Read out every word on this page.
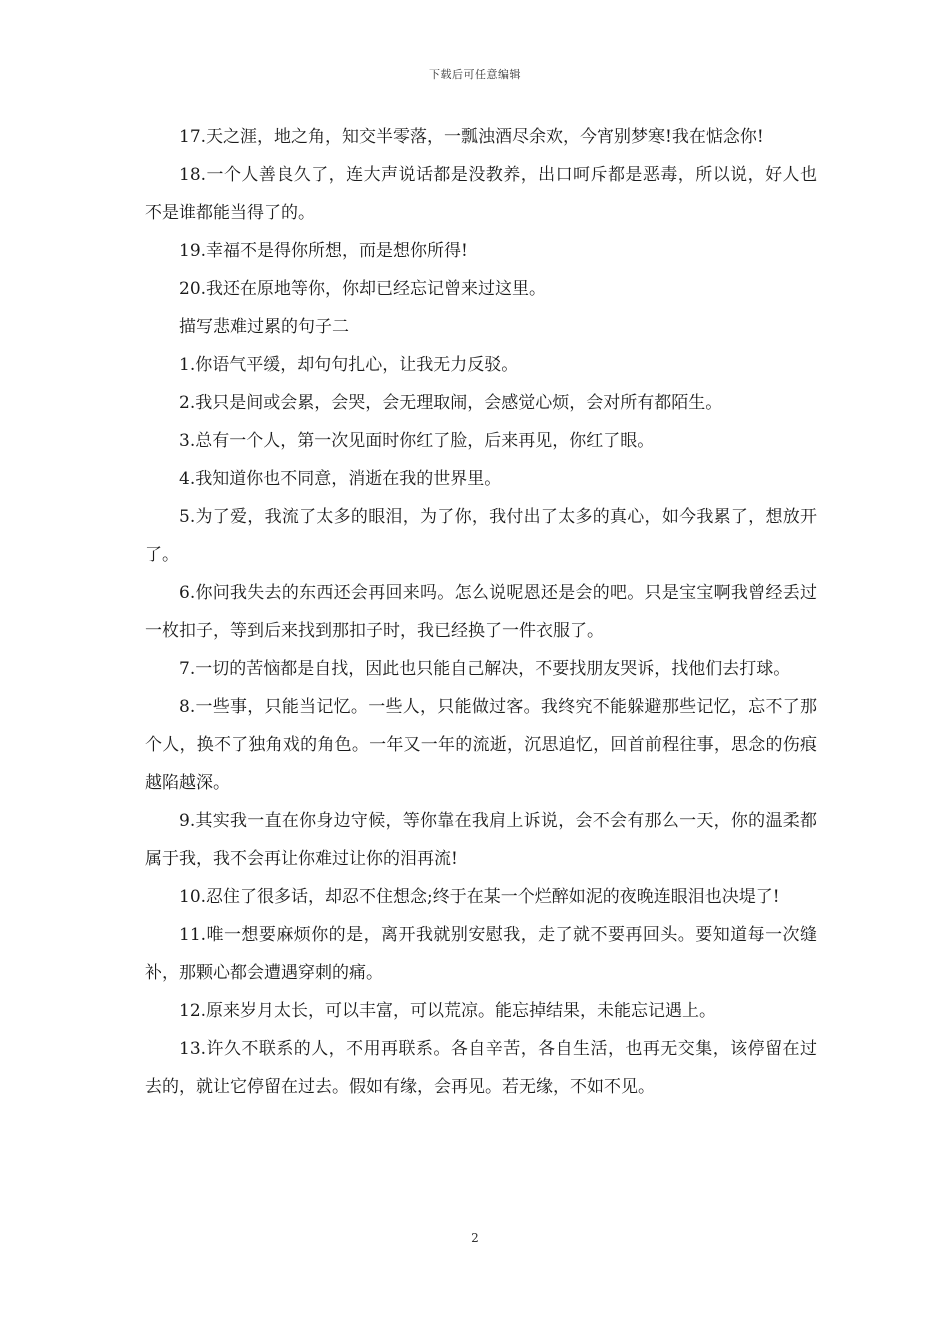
下载后可任意编辑

17.天之涯，地之角，知交半零落，一瓢浊酒尽余欢，今宵别梦寒!我在惦念你!

18.一个人善良久了，连大声说话都是没教养，出口呵斥都是恶毒，所以说，好人也不是谁都能当得了的。

19.幸福不是得你所想，而是想你所得!

20.我还在原地等你，你却已经忘记曾来过这里。

描写悲难过累的句子二

1.你语气平缓，却句句扎心，让我无力反驳。

2.我只是间或会累，会哭，会无理取闹，会感觉心烦，会对所有都陌生。

3.总有一个人，第一次见面时你红了脸，后来再见，你红了眼。

4.我知道你也不同意，消逝在我的世界里。

5.为了爱，我流了太多的眼泪，为了你，我付出了太多的真心，如今我累了，想放开了。

6.你问我失去的东西还会再回来吗。怎么说呢恩还是会的吧。只是宝宝啊我曾经丢过一枚扣子，等到后来找到那扣子时，我已经换了一件衣服了。

7.一切的苦恼都是自找，因此也只能自己解决，不要找朋友哭诉，找他们去打球。

8.一些事，只能当记忆。一些人，只能做过客。我终究不能躲避那些记忆，忘不了那个人，换不了独角戏的角色。一年又一年的流逝，沉思追忆，回首前程往事，思念的伤痕越陷越深。

9.其实我一直在你身边守候，等你靠在我肩上诉说，会不会有那么一天，你的温柔都属于我，我不会再让你难过让你的泪再流!

10.忍住了很多话，却忍不住想念;终于在某一个烂醉如泥的夜晚连眼泪也决堤了!

11.唯一想要麻烦你的是，离开我就别安慰我，走了就不要再回头。要知道每一次缝补，那颗心都会遭遇穿刺的痛。

12.原来岁月太长，可以丰富，可以荒凉。能忘掉结果，未能忘记遇上。

13.许久不联系的人，不用再联系。各自辛苦，各自生活，也再无交集，该停留在过去的，就让它停留在过去。假如有缘，会再见。若无缘，不如不见。

2
